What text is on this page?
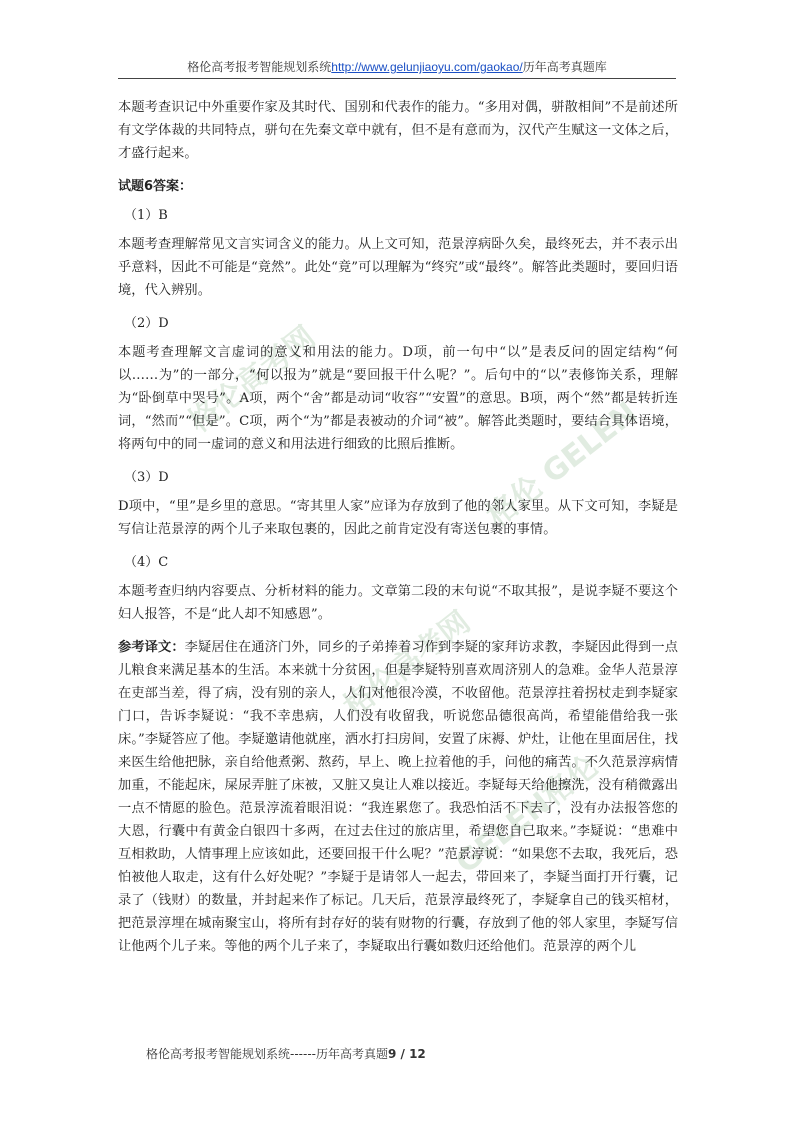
格伦高考报考智能规划系统http://www.gelunjiaoyu.com/gaokao/历年高考真题库
格伦高考网
格伦 GELEN
格伦高考网
GELEN格伦

本题考查识记中外重要作家及其时代、国别和代表作的能力。“多用对偶，骈散相间”不是前述所有文学体裁的共同特点，骈句在先秦文章中就有，但不是有意而为，汉代产生赋这一文体之后，才盛行起来。

试题6答案：
（1）B

本题考查理解常见文言实词含义的能力。从上文可知，范景淳病卧久矣，最终死去，并不表示出乎意料，因此不可能是“竟然”。此处“竟”可以理解为“终究”或“最终”。解答此类题时，要回归语境，代入辨别。

（2）D

本题考查理解文言虚词的意义和用法的能力。D项，前一句中“以”是表反问的固定结构“何以……为”的一部分，“何以报为”就是“要回报干什么呢？”。后句中的“以”表修饰关系，理解为“卧倒草中哭号”。A项，两个“舍”都是动词“收容”“安置”的意思。B项，两个“然”都是转折连词，“然而”“但是”。C项，两个“为”都是表被动的介词“被”。解答此类题时，要结合具体语境，将两句中的同一虚词的意义和用法进行细致的比照后推断。

（3）D

D项中，“里”是乡里的意思。“寄其里人家”应译为存放到了他的邻人家里。从下文可知，李疑是写信让范景淳的两个儿子来取包裹的，因此之前肯定没有寄送包裹的事情。

（4）C

本题考查归纳内容要点、分析材料的能力。文章第二段的末句说“不取其报”，是说李疑不要这个妇人报答，不是“此人却不知感恩”。

参考译文：李疑居住在通济门外，同乡的子弟捧着习作到李疑的家拜访求教，李疑因此得到一点儿粮食来满足基本的生活。本来就十分贫困，但是李疑特别喜欢周济别人的急难。金华人范景淳在吏部当差，得了病，没有别的亲人，人们对他很冷漠，不收留他。范景淳拄着拐杖走到李疑家门口，告诉李疑说：“我不幸患病，人们没有收留我，听说您品德很高尚，希望能借给我一张床。”李疑答应了他。李疑邀请他就座，洒水打扫房间，安置了床褥、炉灶，让他在里面居住，找来医生给他把脉，亲自给他煮粥、熬药，早上、晚上拉着他的手，问他的痛苦。不久范景淳病情加重，不能起床，屎尿弄脏了床被，又脏又臭让人难以接近。李疑每天给他擦洗，没有稍微露出一点不情愿的脸色。范景淳流着眼泪说：“我连累您了。我恐怕活不下去了，没有办法报答您的大恩，行囊中有黄金白银四十多两，在过去住过的旅店里，希望您自己取来。”李疑说：“患难中互相救助，人情事理上应该如此，还要回报干什么呢？”范景淳说：“如果您不去取，我死后，恐怕被他人取走，这有什么好处呢？”李疑于是请邻人一起去，带回来了，李疑当面打开行囊，记录了（钱财）的数量，并封起来作了标记。几天后，范景淳最终死了，李疑拿自己的钱买棺材，把范景淳埋在城南聚宝山，将所有封存好的装有财物的行囊，存放到了他的邻人家里，李疑写信让他两个儿子来。等他的两个儿子来了，李疑取出行囊如数归还给他们。范景淳的两个儿

格伦高考报考智能规划系统------历年高考真题9 / 12
